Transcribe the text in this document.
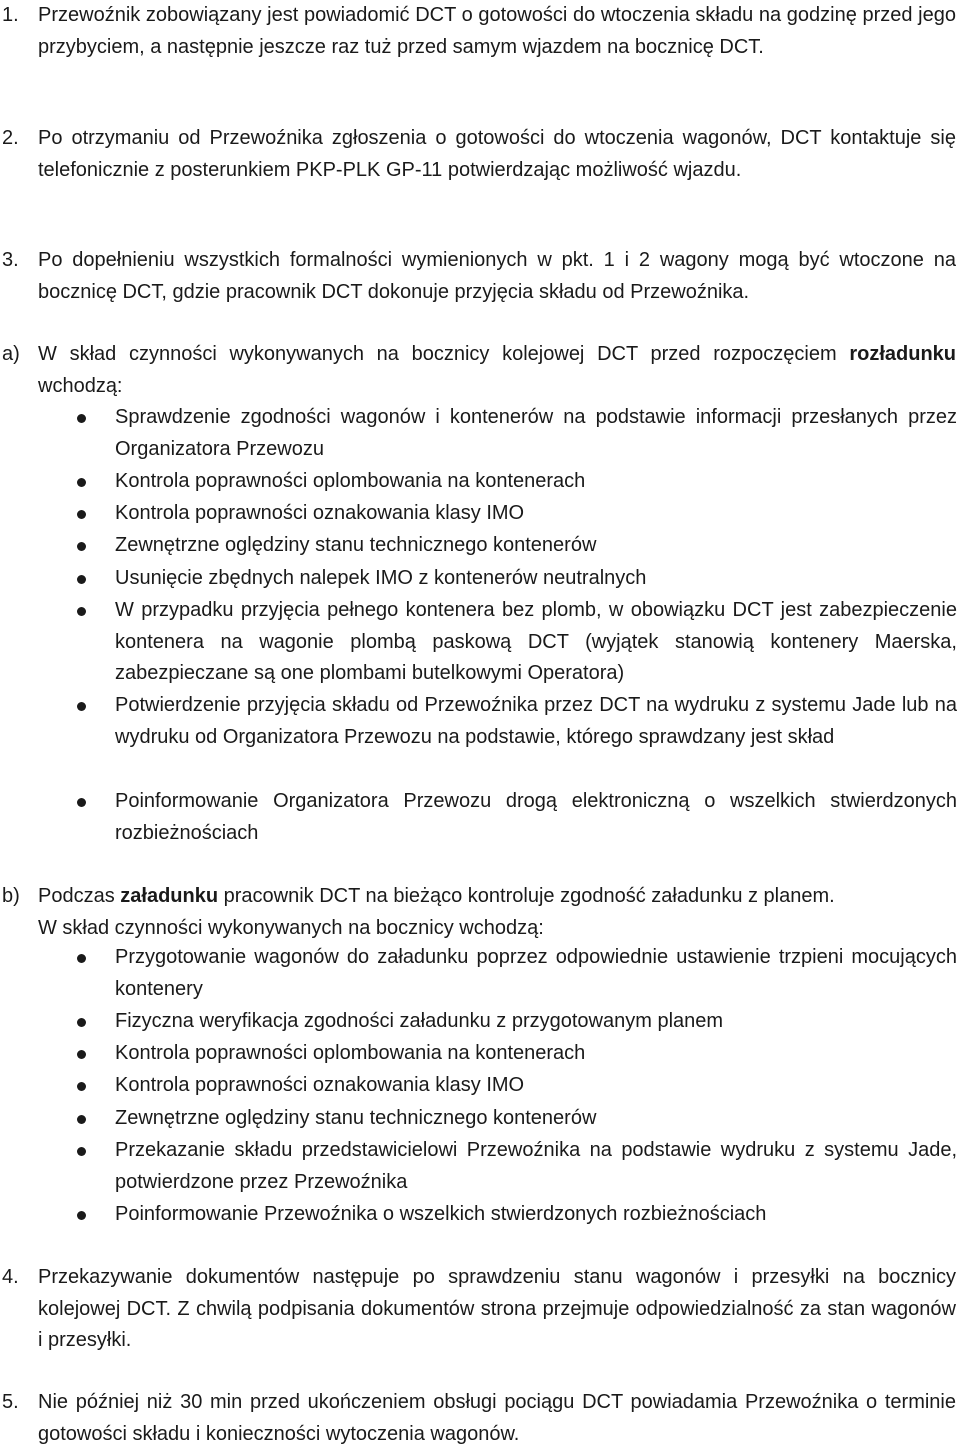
1. Przewoźnik zobowiązany jest powiadomić DCT o gotowości do wtoczenia składu na godzinę przed jego przybyciem, a następnie jeszcze raz tuż przed samym wjazdem na bocznicę DCT.

2. Po otrzymaniu od Przewoźnika zgłoszenia o gotowości do wtoczenia wagonów, DCT kontaktuje się telefonicznie z posterunkiem PKP-PLK GP-11 potwierdzając możliwość wjazdu.

3. Po dopełnieniu wszystkich formalności wymienionych w pkt. 1 i 2 wagony mogą być wtoczone na bocznicę DCT, gdzie pracownik DCT dokonuje przyjęcia składu od Przewoźnika.

a) W skład czynności wykonywanych na bocznicy kolejowej DCT przed rozpoczęciem rozładunku wchodzą:

Sprawdzenie zgodności wagonów i kontenerów na podstawie informacji przesłanych przez Organizatora Przewozu

Kontrola poprawności oplombowania na kontenerach

Kontrola poprawności oznakowania klasy IMO

Zewnętrzne oględziny stanu technicznego kontenerów

Usunięcie zbędnych nalepek IMO z kontenerów neutralnych

W przypadku przyjęcia pełnego kontenera bez plomb, w obowiązku DCT jest zabezpieczenie kontenera na wagonie plombą paskową DCT (wyjątek stanowią kontenery Maerska, zabezpieczane są one plombami butelkowymi Operatora)

Potwierdzenie przyjęcia składu od Przewoźnika przez DCT na wydruku z systemu Jade lub na wydruku od Organizatora Przewozu na podstawie, którego sprawdzany jest skład

Poinformowanie Organizatora Przewozu drogą elektroniczną o wszelkich stwierdzonych rozbieżnościach

b) Podczas załadunku pracownik DCT na bieżąco kontroluje zgodność załadunku z planem.

W skład czynności wykonywanych na bocznicy wchodzą:

Przygotowanie wagonów do załadunku poprzez odpowiednie ustawienie trzpieni mocujących kontenery

Fizyczna weryfikacja zgodności załadunku z przygotowanym planem

Kontrola poprawności oplombowania na kontenerach

Kontrola poprawności oznakowania klasy IMO

Zewnętrzne oględziny stanu technicznego kontenerów

Przekazanie składu przedstawicielowi Przewoźnika na podstawie wydruku z systemu Jade, potwierdzone przez Przewoźnika

Poinformowanie Przewoźnika o wszelkich stwierdzonych rozbieżnościach

4. Przekazywanie dokumentów następuje po sprawdzeniu stanu wagonów i przesyłki na bocznicy kolejowej DCT. Z chwilą podpisania dokumentów strona przejmuje odpowiedzialność za stan wagonów i przesyłki.

5. Nie później niż 30 min przed ukończeniem obsługi pociągu DCT powiadamia Przewoźnika o terminie gotowości składu i konieczności wytoczenia wagonów.
